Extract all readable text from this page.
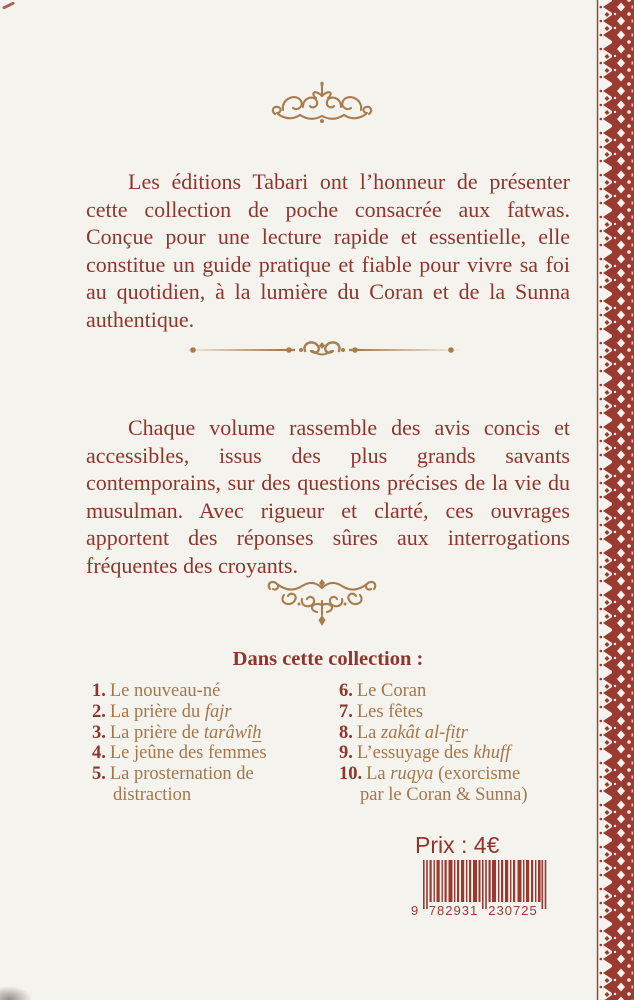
Les éditions Tabari ont l’honneur de présenter cette collection de poche consacrée aux fatwas. Conçue pour une lecture rapide et essentielle, elle constitue un guide pratique et fiable pour vivre sa foi au quotidien, à la lumière du Coran et de la Sunna authentique.

Chaque volume rassemble des avis concis et accessibles, issus des plus grands savants contemporains, sur des questions précises de la vie du musulman. Avec rigueur et clarté, ces ouvrages apportent des réponses sûres aux interrogations fréquentes des croyants.

Dans cette collection :
1. Le nouveau-né
2. La prière du fajr
3. La prière de tarâwîh
4. Le jeûne des femmes
5. La prosternation de distraction
6. Le Coran
7. Les fêtes
8. La zakât al-fitr
9. L’essuyage des khuff
10. La ruqya (exorcisme par le Coran & Sunna)
Prix : 4€
9 782931 230725
